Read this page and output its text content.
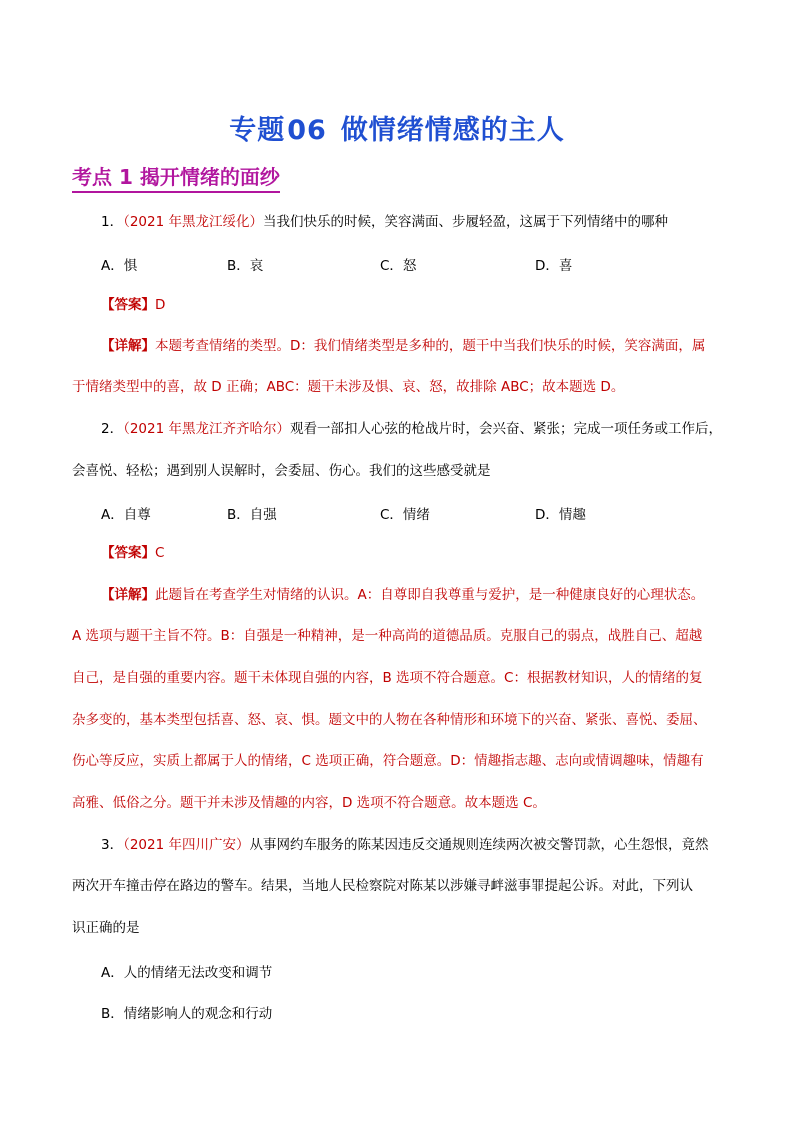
专题06 做情绪情感的主人
考点 1 揭开情绪的面纱
1．（2021 年黑龙江绥化）当我们快乐的时候，笑容满面、步履轻盈，这属于下列情绪中的哪种
A．惧	B．哀	C．怒	D．喜
【答案】D
【详解】本题考查情绪的类型。D：我们情绪类型是多种的，题干中当我们快乐的时候，笑容满面，属
于情绪类型中的喜，故 D 正确；ABC：题干未涉及惧、哀、怒，故排除 ABC；故本题选 D。
2．（2021 年黑龙江齐齐哈尔）观看一部扣人心弦的枪战片时，会兴奋、紧张；完成一项任务或工作后，
会喜悦、轻松；遇到别人误解时，会委屈、伤心。我们的这些感受就是
A．自尊	B．自强	C．情绪	D．情趣
【答案】C
【详解】此题旨在考查学生对情绪的认识。A：自尊即自我尊重与爱护，是一种健康良好的心理状态。
A 选项与题干主旨不符。B：自强是一种精神，是一种高尚的道德品质。克服自己的弱点，战胜自己、超越
自己，是自强的重要内容。题干未体现自强的内容，B 选项不符合题意。C：根据教材知识，人的情绪的复
杂多变的，基本类型包括喜、怒、哀、惧。题文中的人物在各种情形和环境下的兴奋、紧张、喜悦、委屈、
伤心等反应，实质上都属于人的情绪，C 选项正确，符合题意。D：情趣指志趣、志向或情调趣味，情趣有
高雅、低俗之分。题干并未涉及情趣的内容，D 选项不符合题意。故本题选 C。
3．（2021 年四川广安）从事网约车服务的陈某因违反交通规则连续两次被交警罚款，心生怨恨，竟然
两次开车撞击停在路边的警车。结果，当地人民检察院对陈某以涉嫌寻衅滋事罪提起公诉。对此，下列认
识正确的是
A．人的情绪无法改变和调节
B．情绪影响人的观念和行动
